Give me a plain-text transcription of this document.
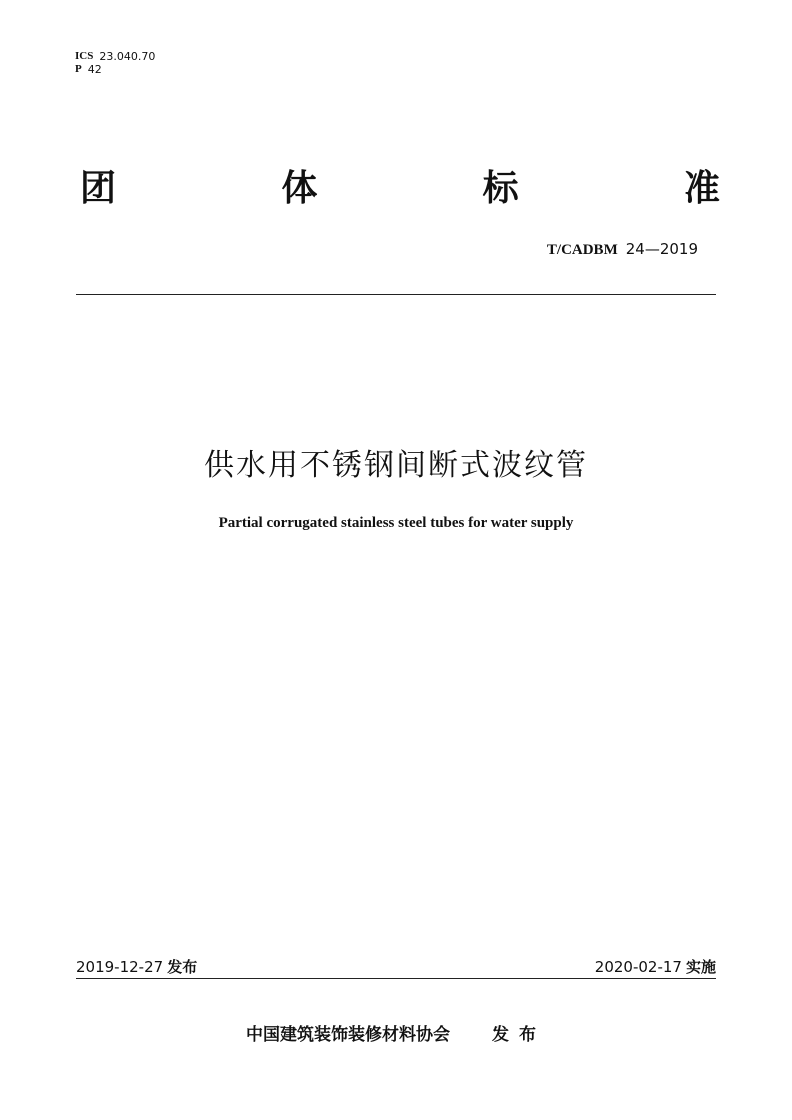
ICS 23.040.70
P 42
团	体	标	准
T/CADBM 24—2019
供水用不锈钢间断式波纹管
Partial corrugated stainless steel tubes for water supply
2019-12-27 发布	2020-02-17 实施
中国建筑装饰装修材料协会 发布
